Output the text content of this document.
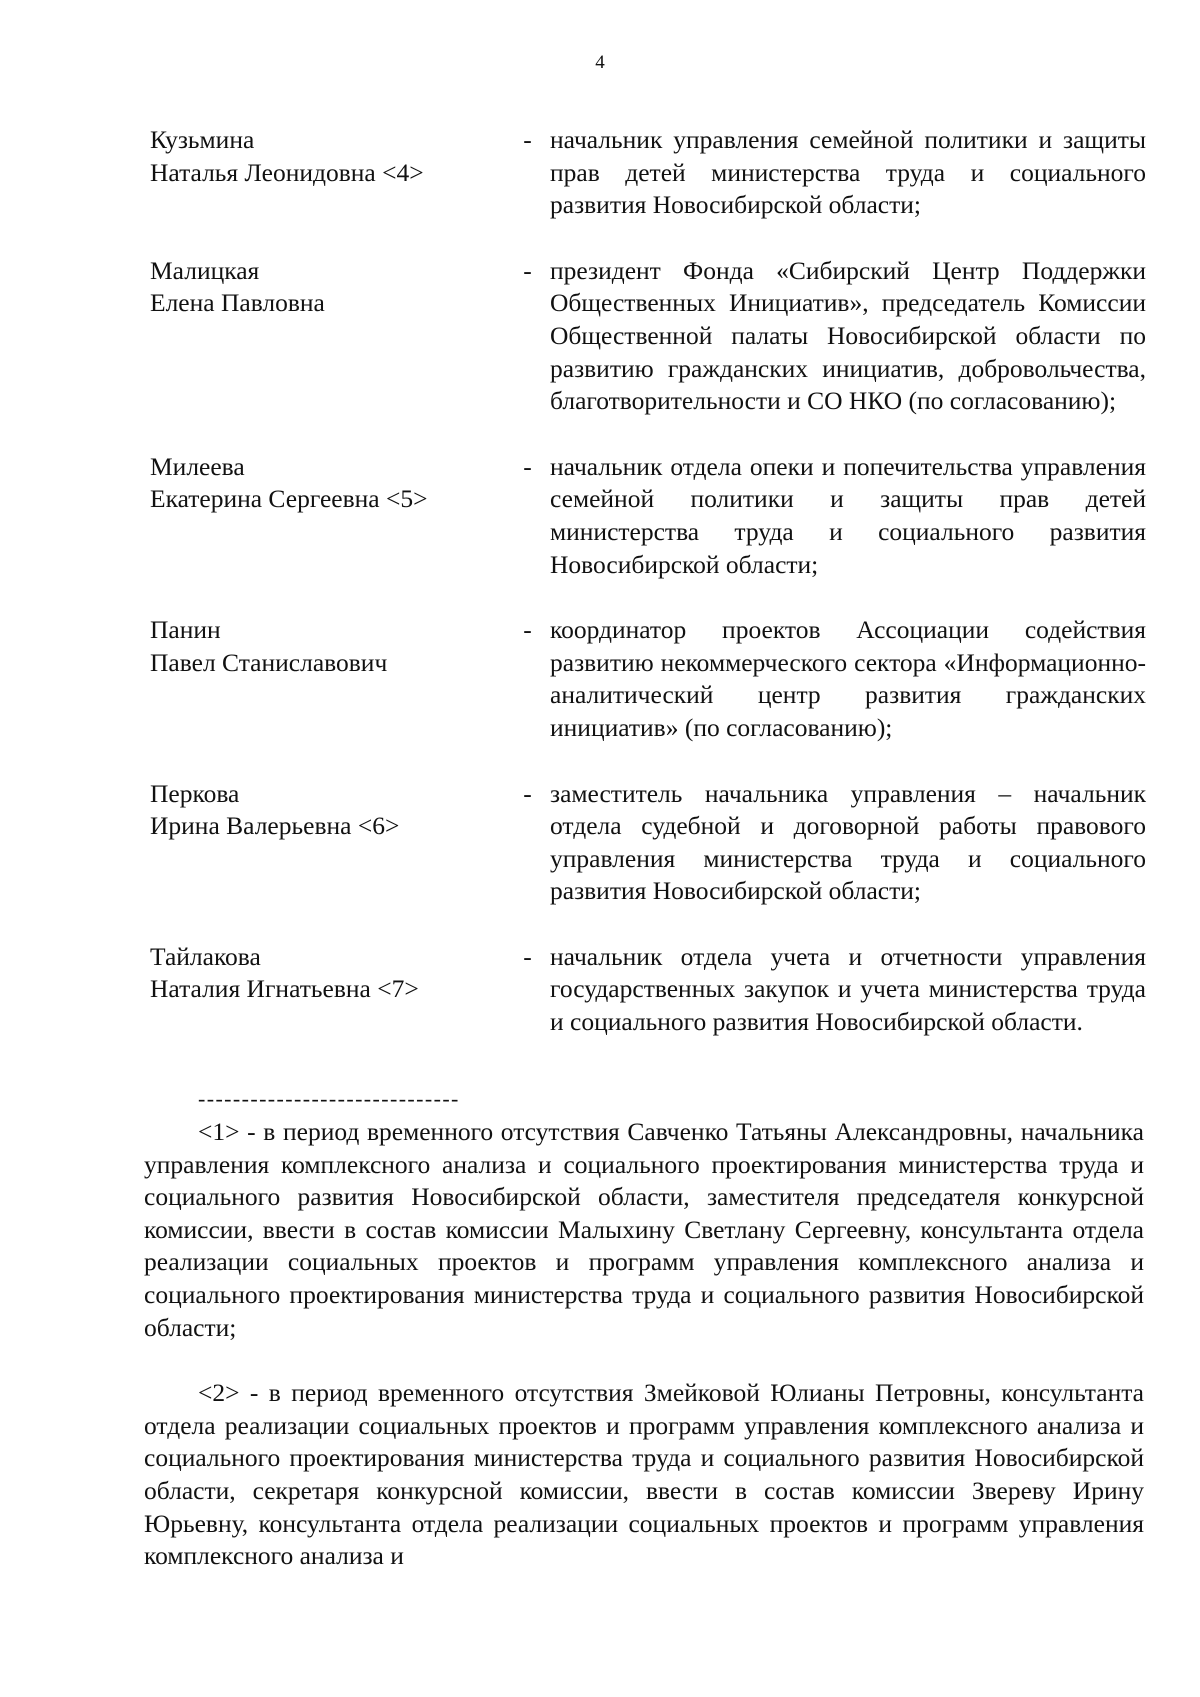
4
Кузьмина
Наталья Леонидовна <4>
- начальник управления семейной политики и защиты прав детей министерства труда и социального развития Новосибирской области;
Малицкая
Елена Павловна
- президент Фонда «Сибирский Центр Поддержки Общественных Инициатив», председатель Комиссии Общественной палаты Новосибирской области по развитию гражданских инициатив, добровольчества, благотворительности и СО НКО (по согласованию);
Милеева
Екатерина Сергеевна <5>
- начальник отдела опеки и попечительства управления семейной политики и защиты прав детей министерства труда и социального развития Новосибирской области;
Панин
Павел Станиславович
- координатор проектов Ассоциации содействия развитию некоммерческого сектора «Информационно-аналитический центр развития гражданских инициатив» (по согласованию);
Перкова
Ирина Валерьевна <6>
- заместитель начальника управления – начальник отдела судебной и договорной работы правового управления министерства труда и социального развития Новосибирской области;
Тайлакова
Наталия Игнатьевна <7>
- начальник отдела учета и отчетности управления государственных закупок и учета министерства труда и социального развития Новосибирской области.
------------------------------

<1> - в период временного отсутствия Савченко Татьяны Александровны, начальника управления комплексного анализа и социального проектирования министерства труда и социального развития Новосибирской области, заместителя председателя конкурсной комиссии, ввести в состав комиссии Малыхину Светлану Сергеевну, консультанта отдела реализации социальных проектов и программ управления комплексного анализа и социального проектирования министерства труда и социального развития Новосибирской области;

<2> - в период временного отсутствия Змейковой Юлианы Петровны, консультанта отдела реализации социальных проектов и программ управления комплексного анализа и социального проектирования министерства труда и социального развития Новосибирской области, секретаря конкурсной комиссии, ввести в состав комиссии Звереву Ирину Юрьевну, консультанта отдела реализации социальных проектов и программ управления комплексного анализа и
